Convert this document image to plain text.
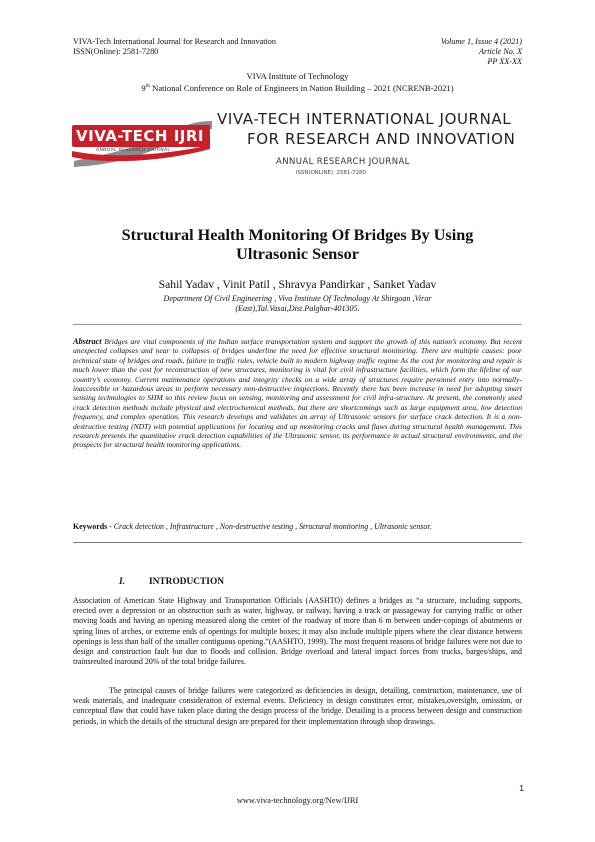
VIVA-Tech International Journal for Research and Innovation
ISSN(Online): 2581-7280
Volume 1, Issue 4 (2021)
Article No. X
PP XX-XX
VIVA Institute of Technology
9th National Conference on Role of Engineers in Nation Building – 2021 (NCRENB-2021)
VIVA-TECH IJRI
ANNUAL RESEARCH JOURNAL
VIVA-TECH INTERNATIONAL JOURNAL
FOR RESEARCH AND INNOVATION
ANNUAL RESEARCH JOURNAL
ISSN(ONLINE): 2581-7280
Structural Health Monitoring Of Bridges By Using
Ultrasonic Sensor
Sahil Yadav , Vinit Patil , Shravya Pandirkar , Sanket Yadav
Department Of Civil Engineering , Viva Institute Of Technology At Shirgoan ,Virar
(East),Tal.Vasai,Dist.Palghar-401305.
Abstract Bridges are vital components of the Indian surface transportation system and support the growth of this nation’s economy. But recent unexpected collapses and near to collapses of bridges underline the need for effective structural monitoring. There are multiple causes: poor technical state of bridges and roads, failure to traffic rules, vehicle built to modern highway traffic regime As the cost for monitoring and repair is much lower than the cost for reconstruction of new structures, monitoring is vital for civil infrastructure facilities, which form the lifeline of our country’s economy. Current maintenance operations and integrity checks on a wide array of structures require personnel entry into normally-inaccessible or hazardous areas to perform necessary non-destructive inspections. Recently there has been increase in need for adopting smart sensing technologies to SHM so this review focus on sensing, monitoring and assessment for civil infra-structure. At present, the commonly used crack detection methods include physical and electrochemical methods, but there are shortcomings such as large equipment area, low detection frequency, and complex operation. This research develops and validates an array of Ultrasonic sensors for surface crack detection. It is a non-destructive testing (NDT) with potential applications for locating and up monitoring cracks and flaws during structural health management. This research presents the quantitative crack detection capabilities of the Ultrasonic sensor, its performance in actual structural environments, and the prospects for structural health monitoring applications.
Keywords - Crack detection , Infrastructure , Non-destructive testing , Structural monitoring , Ultrasonic sensor.
I.	INTRODUCTION
Association of American State Highway and Transportation Officials (AASHTO) defines a bridges as “a structure, including supports, erected over a depression or an obstruction such as water, highway, or railway, having a track or passageway for carrying traffic or other moving loads and having an opening measured along the center of the roadway of more than 6 m between under-copings of abutments or spring lines of arches, or extreme ends of openings for multiple boxes; it may also include multiple pipers where the clear distance between openings is less than half of the smaller contiguous opening.”(AASHTO, 1999). The most frequent reasons of bridge failures were not due to design and construction fault but due to floods and collision. Bridge overload and lateral impact forces from trucks, barges/ships, and trainsreulted inaround 20% of the total bridge failures.
The principal causes of bridge failures were categorized as deficiencies in design, detailing, construction, maintenance, use of weak materials, and inadequate consideration of external events. Deficiency in design constitutes error, mistakes,oversight, omission, or conceptual flaw that could have taken place during the design process of the bridge. Detailing is a process between design and construction periods, in which the details of the structural design are prepared for their implementation through shop drawings.
1
www.viva-technology.org/New/IJRI
